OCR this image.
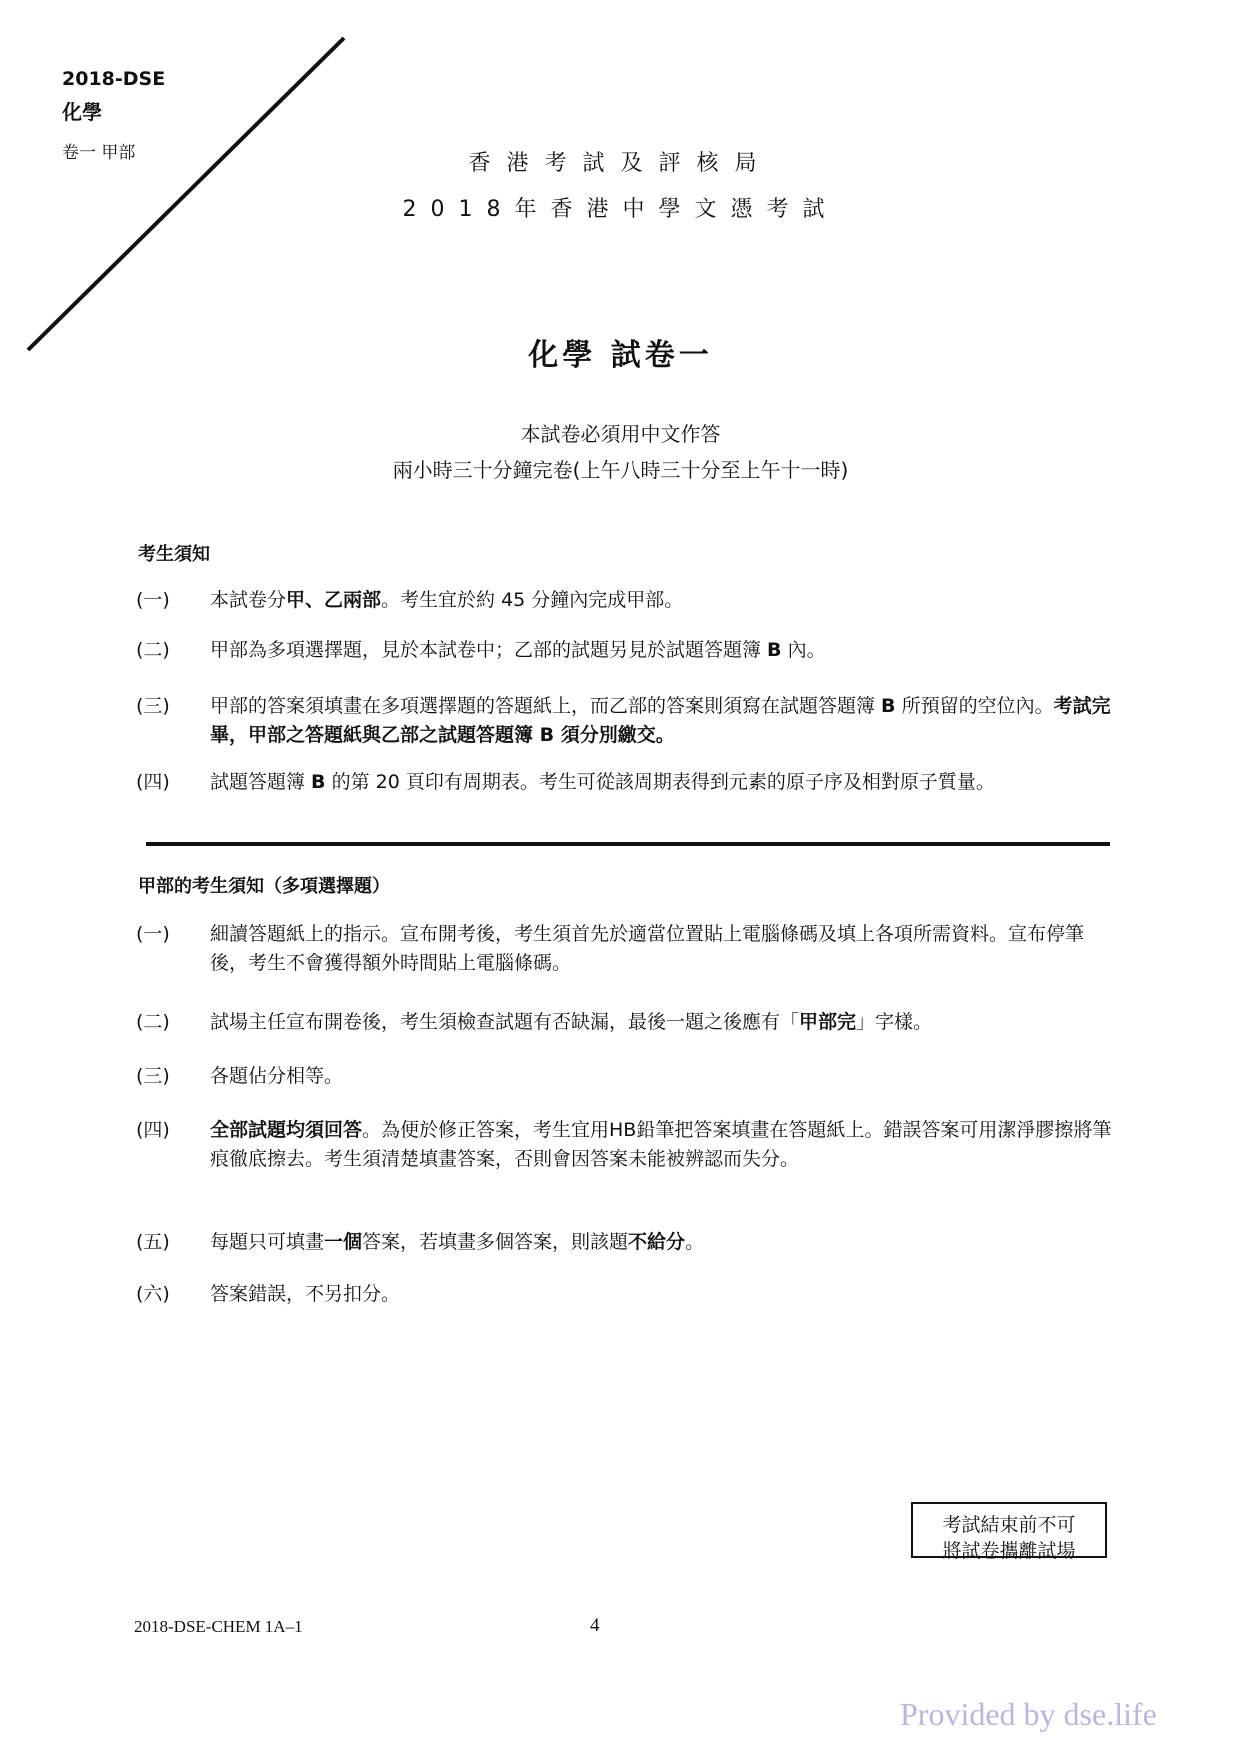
2018-DSE
化學
卷一 甲部	香港考試及評核局
2018年香港中學文憑考試
化學 試卷一
本試卷必須用中文作答
兩小時三十分鐘完卷(上午八時三十分至上午十一時)
考生須知
(一)	本試卷分甲、乙兩部。考生宜於約 45 分鐘內完成甲部。
(二)	甲部為多項選擇題，見於本試卷中；乙部的試題另見於試題答題簿 B 內。
(三)	甲部的答案須填畫在多項選擇題的答題紙上，而乙部的答案則須寫在試題答題簿 B 所預留的空位內。考試完畢，甲部之答題紙與乙部之試題答題簿 B 須分別繳交。
(四)	試題答題簿 B 的第 20 頁印有周期表。考生可從該周期表得到元素的原子序及相對原子質量。
甲部的考生須知（多項選擇題）
(一)	細讀答題紙上的指示。宣布開考後，考生須首先於適當位置貼上電腦條碼及填上各項所需資料。宣布停筆後，考生不會獲得額外時間貼上電腦條碼。
(二)	試場主任宣布開卷後，考生須檢查試題有否缺漏，最後一題之後應有「甲部完」字樣。
(三)	各題佔分相等。
(四)	全部試題均須回答。為便於修正答案，考生宜用HB鉛筆把答案填畫在答題紙上。錯誤答案可用潔淨膠擦將筆痕徹底擦去。考生須清楚填畫答案，否則會因答案未能被辨認而失分。
(五)	每題只可填畫一個答案，若填畫多個答案，則該題不給分。
(六)	答案錯誤，不另扣分。
考試結束前不可
將試卷攜離試場
2018-DSE-CHEM 1A–1	4
Provided by dse.life
